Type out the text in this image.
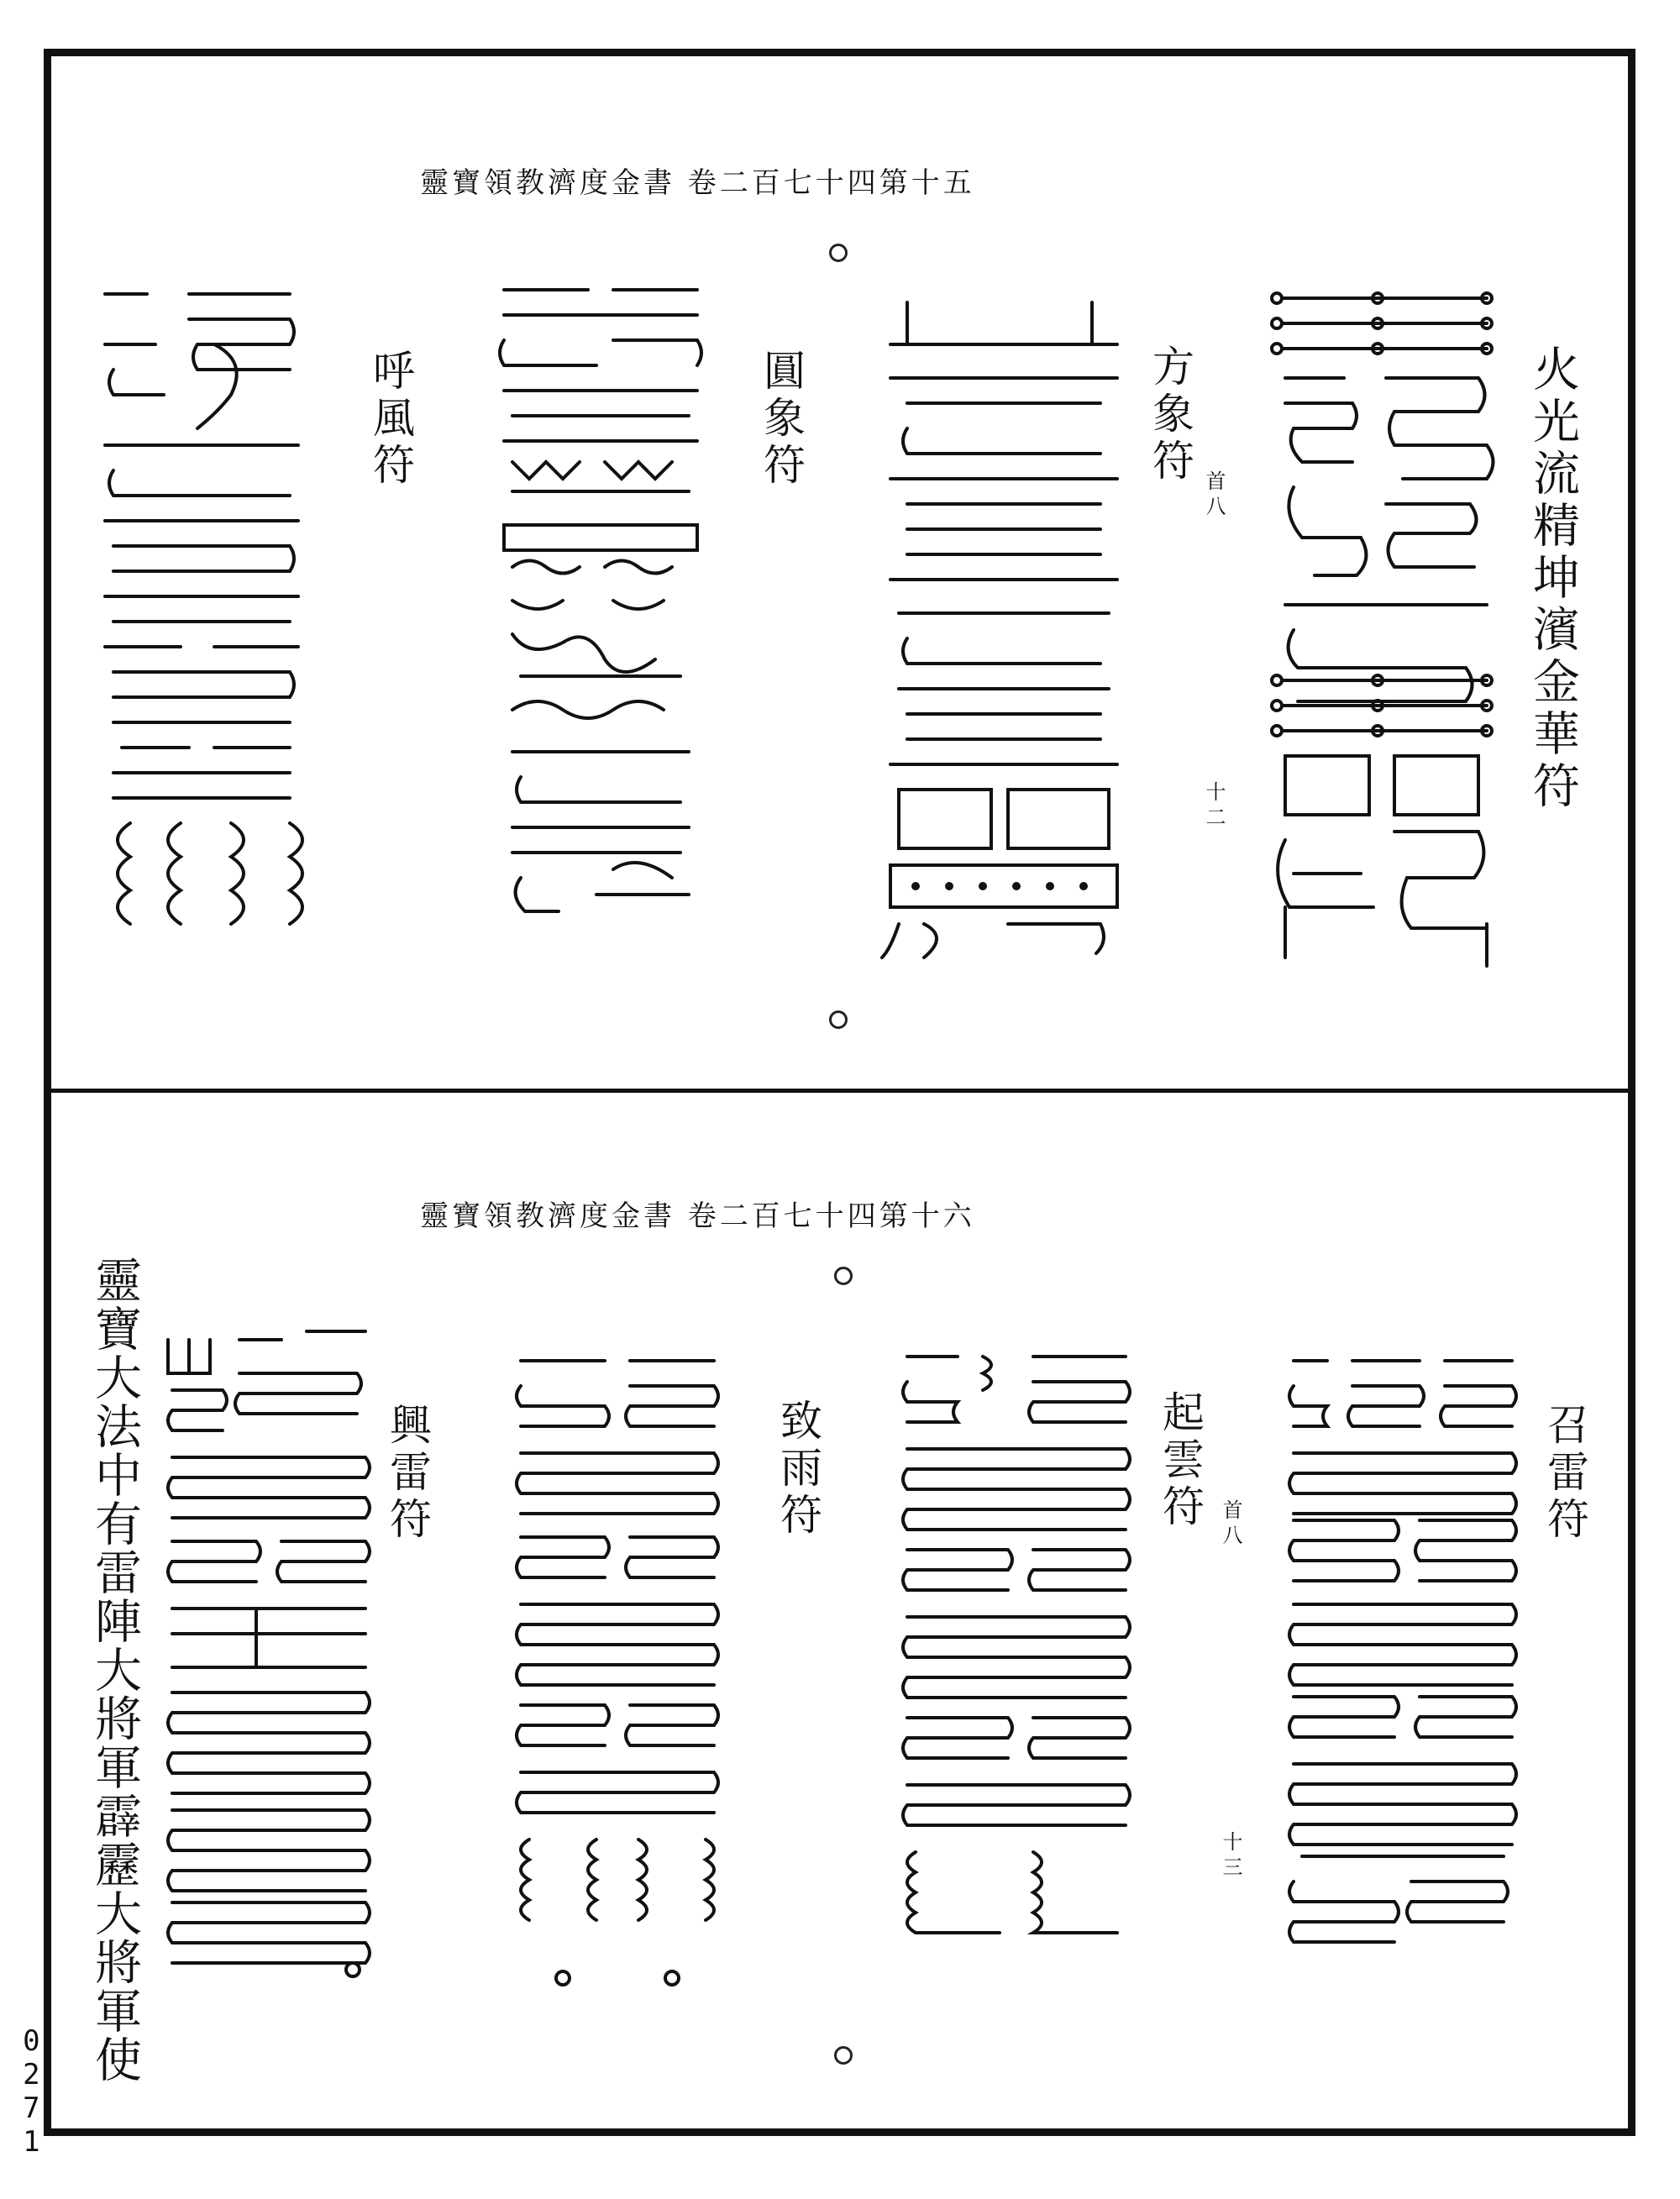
靈寶領教濟度金書 卷二百七十四第十五
火光流精坤濱金華符
方象符
首八
十二
圓象符
呼風符
靈寶領教濟度金書 卷二百七十四第十六
召雷符
起雲符 首八
十三
致雨符
興雷符
靈寶大法中有雷陣大將軍霹靂大將軍使
0271
